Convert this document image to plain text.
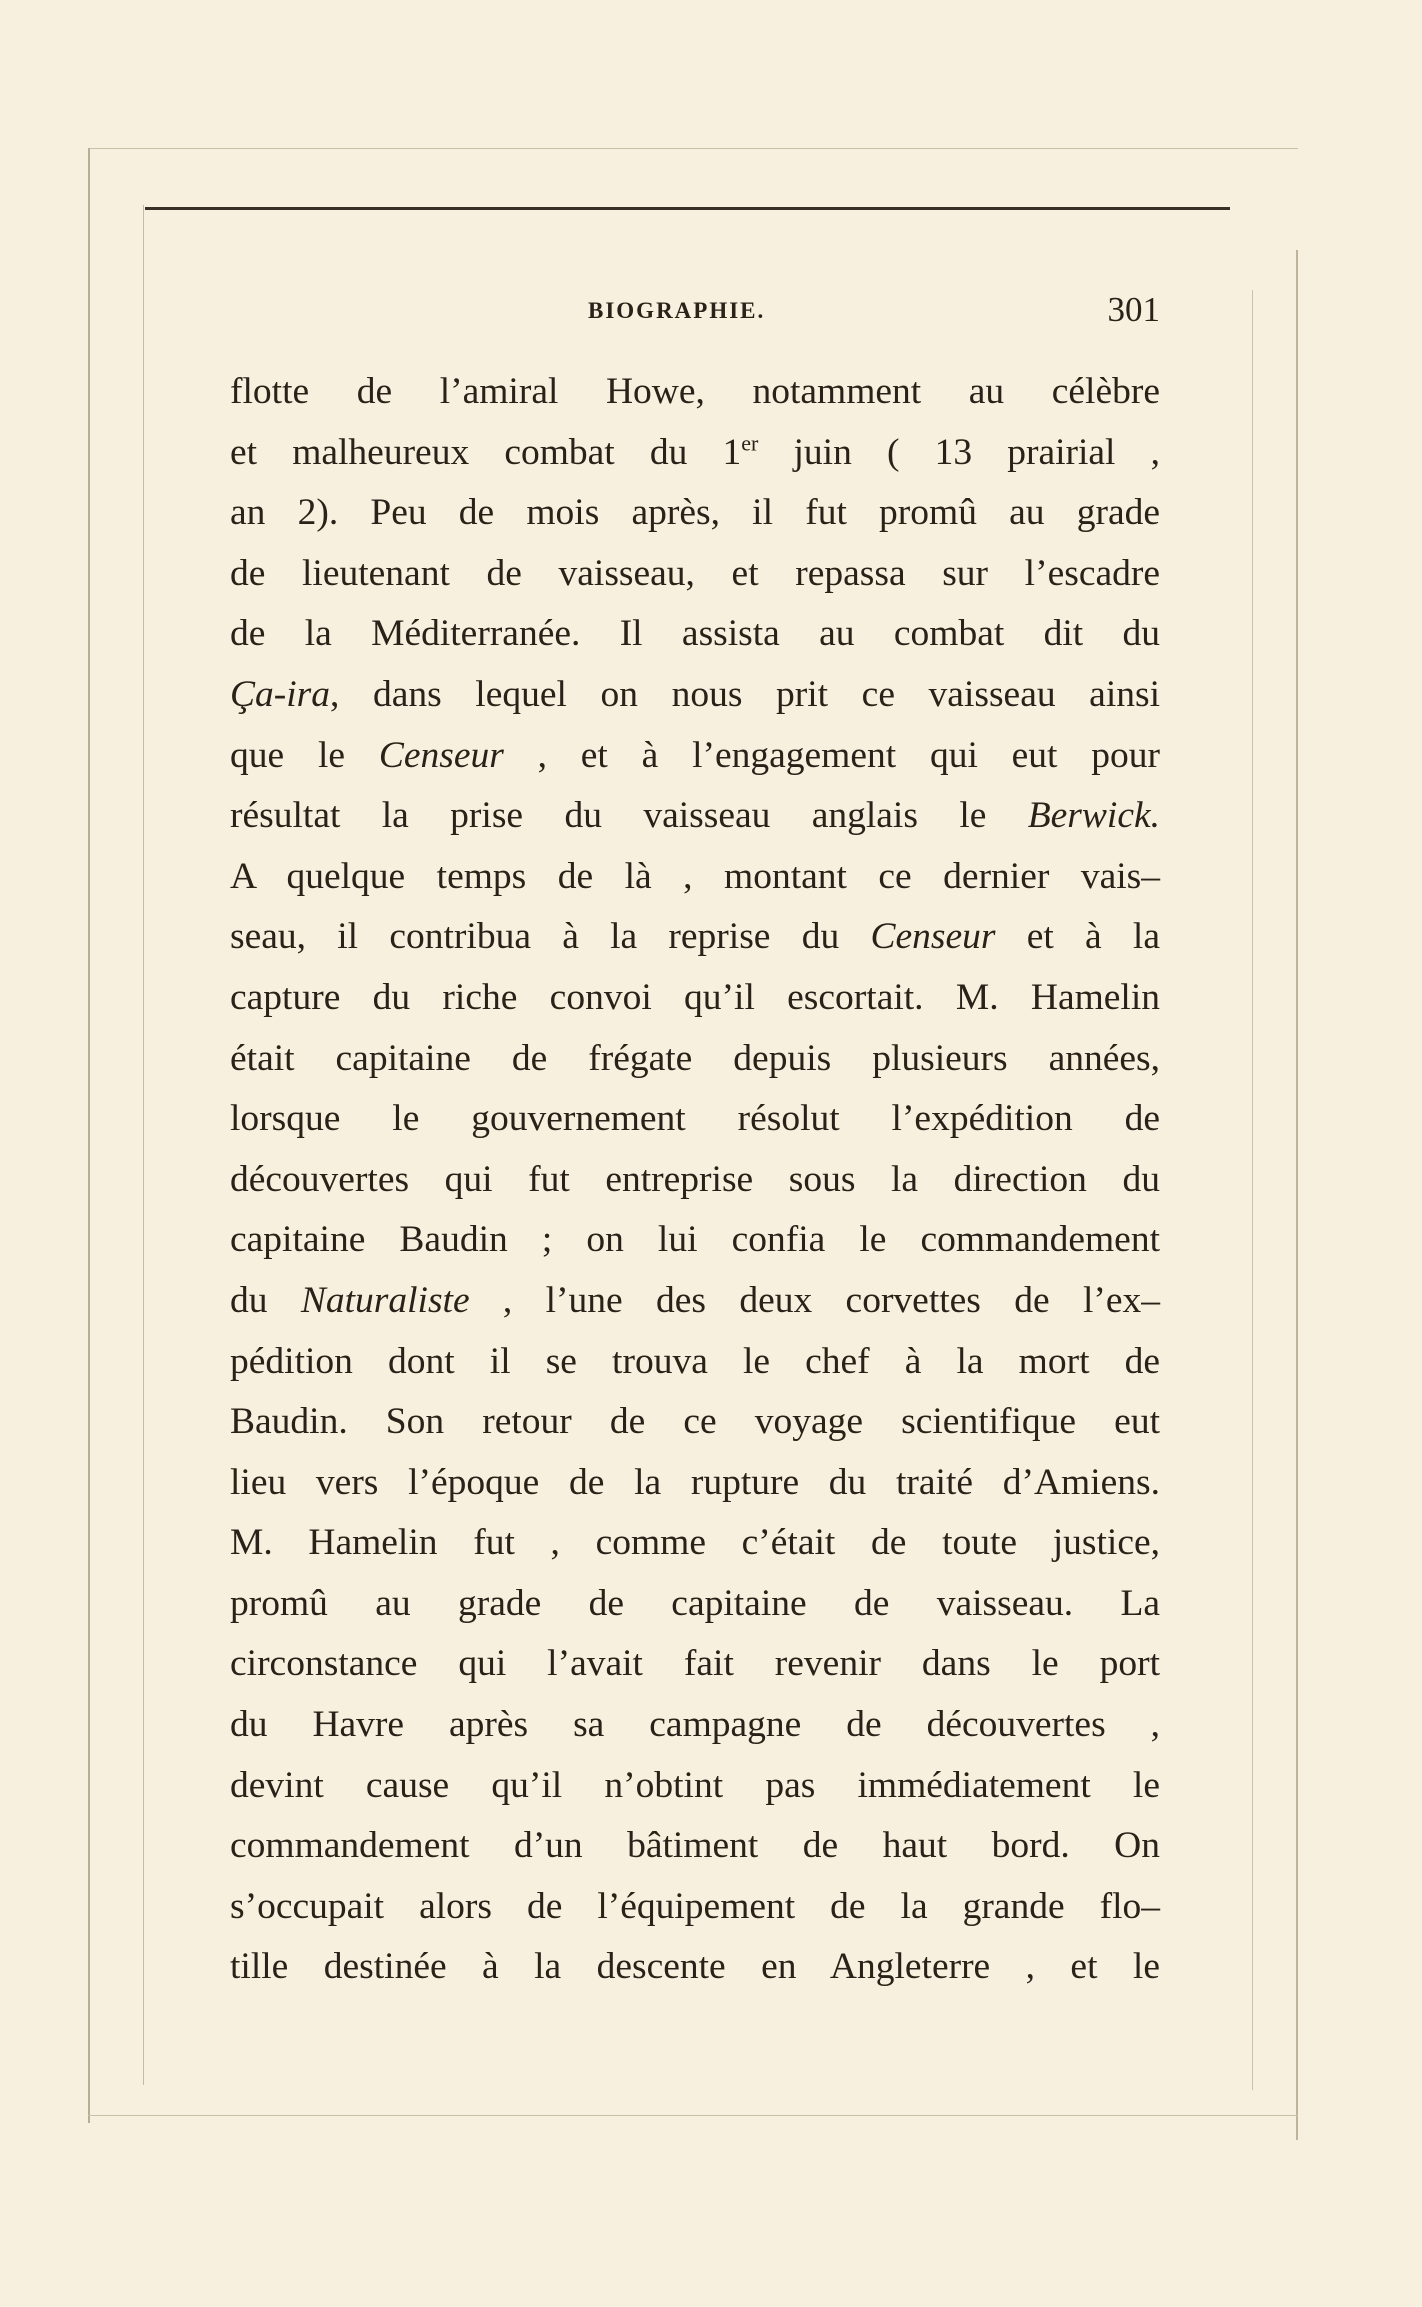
BIOGRAPHIE.	301
flotte de l’amiral Howe, notamment au célèbre
et malheureux combat du 1er juin ( 13 prairial ,
an 2). Peu de mois après, il fut promû au grade
de lieutenant de vaisseau, et repassa sur l’escadre
de la Méditerranée. Il assista au combat dit du
Ça-ira, dans lequel on nous prit ce vaisseau ainsi
que le Censeur , et à l’engagement qui eut pour
résultat la prise du vaisseau anglais le Berwick.
A quelque temps de là , montant ce dernier vais–
seau, il contribua à la reprise du Censeur et à la
capture du riche convoi qu’il escortait. M. Hamelin
était capitaine de frégate depuis plusieurs années,
lorsque le gouvernement résolut l’expédition de
découvertes qui fut entreprise sous la direction du
capitaine Baudin ; on lui confia le commandement
du Naturaliste , l’une des deux corvettes de l’ex–
pédition dont il se trouva le chef à la mort de
Baudin. Son retour de ce voyage scientifique eut
lieu vers l’époque de la rupture du traité d’Amiens.
M. Hamelin fut , comme c’était de toute justice,
promû au grade de capitaine de vaisseau. La
circonstance qui l’avait fait revenir dans le port
du Havre après sa campagne de découvertes ,
devint cause qu’il n’obtint pas immédiatement le
commandement d’un bâtiment de haut bord. On
s’occupait alors de l’équipement de la grande flo–
tille destinée à la descente en Angleterre , et le
